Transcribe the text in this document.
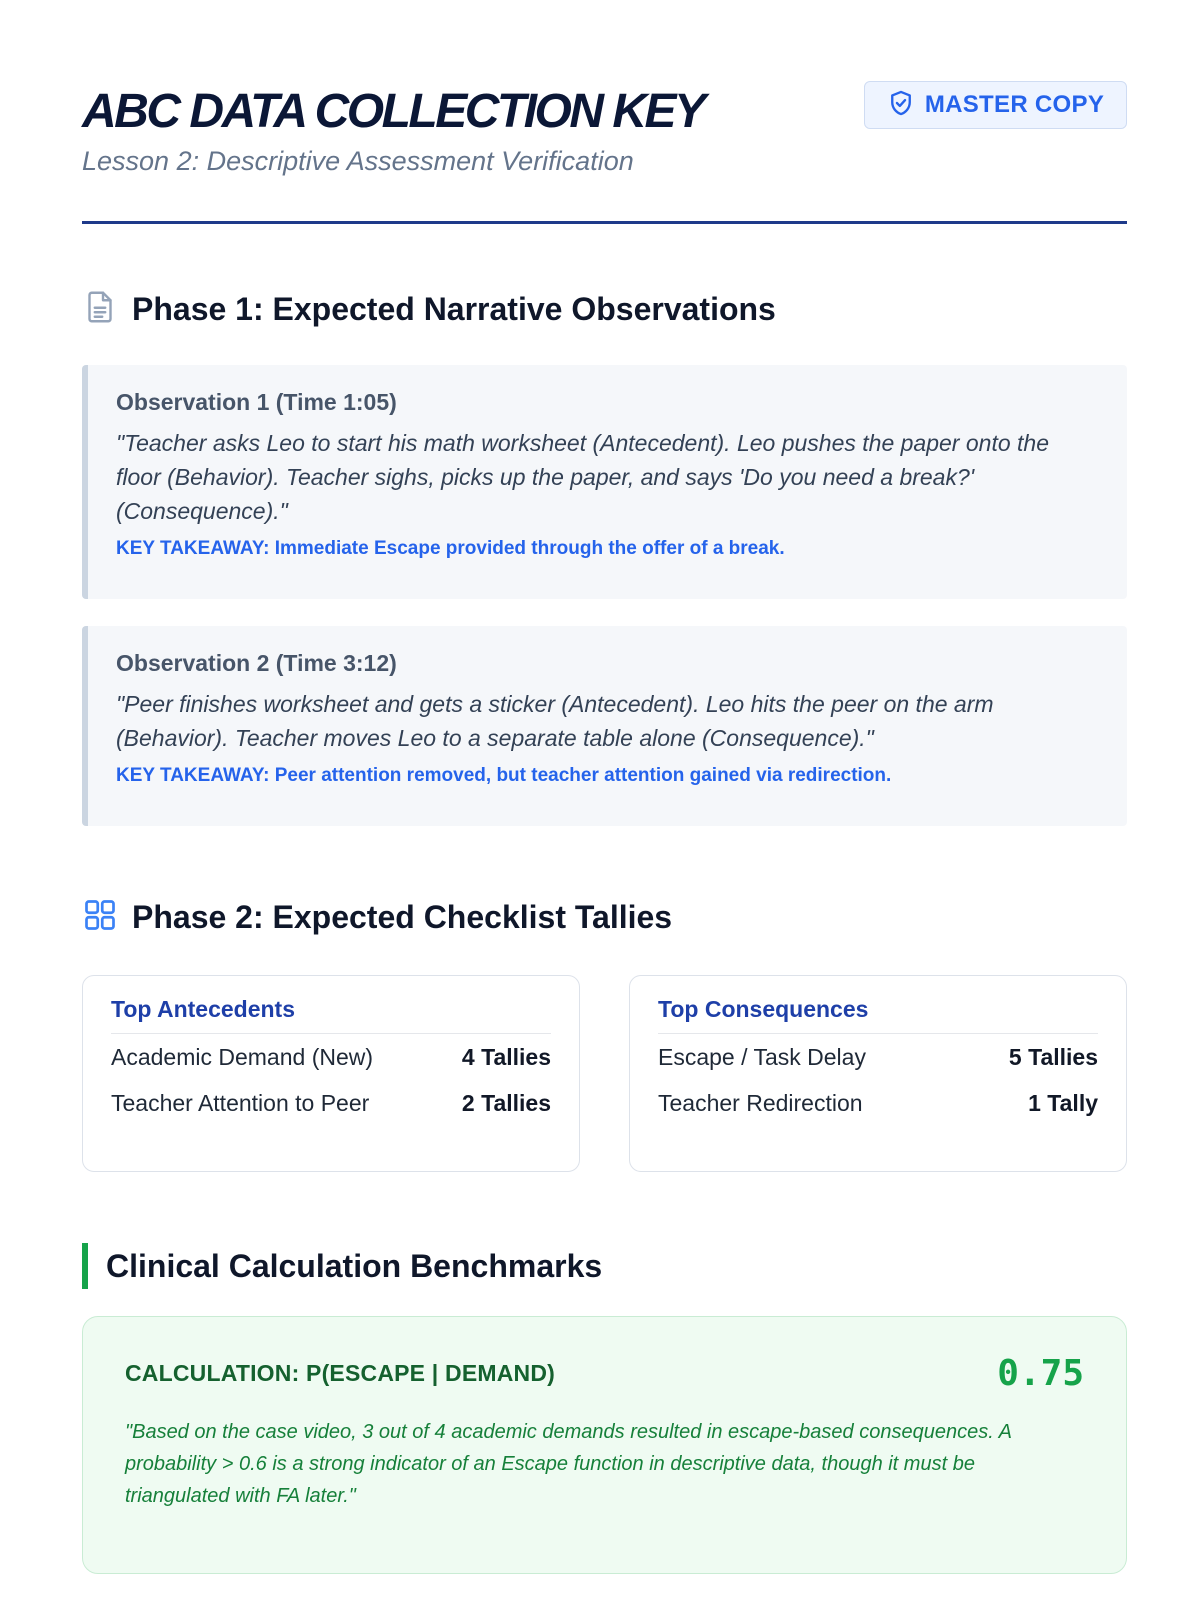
ABC DATA COLLECTION KEY
Lesson 2: Descriptive Assessment Verification
MASTER COPY
Phase 1: Expected Narrative Observations

Observation 1 (Time 1:05)

"Teacher asks Leo to start his math worksheet (Antecedent). Leo pushes the paper onto the floor (Behavior). Teacher sighs, picks up the paper, and says 'Do you need a break?' (Consequence)."

KEY TAKEAWAY: Immediate Escape provided through the offer of a break.

Observation 2 (Time 3:12)

"Peer finishes worksheet and gets a sticker (Antecedent). Leo hits the peer on the arm (Behavior). Teacher moves Leo to a separate table alone (Consequence)."

KEY TAKEAWAY: Peer attention removed, but teacher attention gained via redirection.

Phase 2: Expected Checklist Tallies
Top Antecedents
Academic Demand (New)	4 Tallies
Teacher Attention to Peer	2 Tallies
Top Consequences
Escape / Task Delay	5 Tallies
Teacher Redirection	1 Tally
Clinical Calculation Benchmarks
CALCULATION: P(ESCAPE | DEMAND)	0.75
"Based on the case video, 3 out of 4 academic demands resulted in escape-based consequences. A probability > 0.6 is a strong indicator of an Escape function in descriptive data, though it must be triangulated with FA later."
